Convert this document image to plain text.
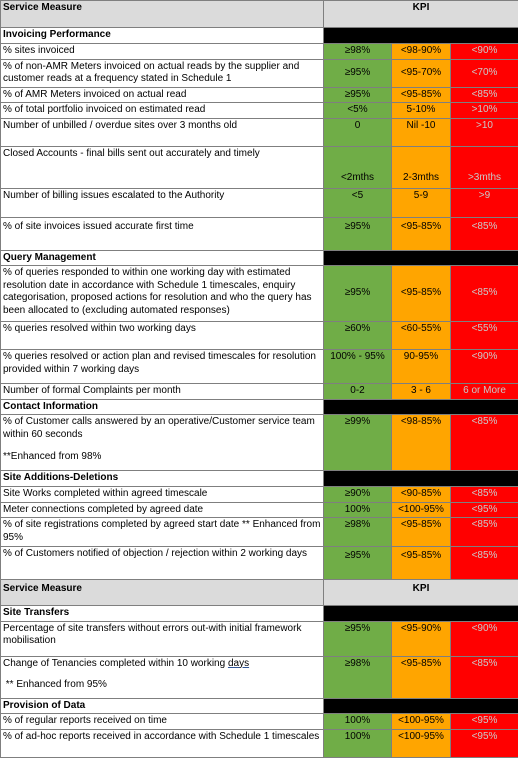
Service Measure	KPI		
Invoicing Performance			
% sites invoiced	≥98%	<98-90%	<90%
% of non-AMR Meters invoiced on actual reads by the supplier and customer reads at a frequency stated in Schedule 1	≥95%	<95-70%	<70%
% of AMR Meters invoiced on actual read	≥95%	<95-85%	<85%
% of total portfolio invoiced on estimated read	<5%	5-10%	>10%
Number of unbilled / overdue sites over 3 months old	0	Nil -10	>10
Closed Accounts - final bills sent out accurately and timely	<2mths	2-3mths	>3mths
Number of billing issues escalated to the Authority	<5	5-9	>9
% of site invoices issued accurate first time	≥95%	<95-85%	<85%
Query Management			
% of queries responded to within one working day with estimated resolution date in accordance with Schedule 1 timescales, enquiry categorisation, proposed actions for resolution and who the query has been allocated to (excluding automated responses)	≥95%	<95-85%	<85%
% queries resolved within two working days	≥60%	<60-55%	<55%
% queries resolved or action plan and revised timescales for resolution provided within 7 working days	100% - 95%	90-95%	<90%
Number of formal Complaints per month	0-2	3 - 6	6 or More
Contact Information			

% of Customer calls answered by an operative/Customer service team within 60 seconds
**Enhanced from 98%	≥99%	<98-85%	<85%
Site Additions-Deletions			
Site Works completed within agreed timescale	≥90%	<90-85%	<85%
Meter connections completed by agreed date	100%	<100-95%	<95%
% of site registrations completed by agreed start date ** Enhanced from 95%	≥98%	<95-85%	<85%
% of Customers notified of objection / rejection within 2 working days	≥95%	<95-85%	<85%
Service Measure	KPI		
Site Transfers			
Percentage of site transfers without errors out-with initial framework mobilisation	≥95%	<95-90%	<90%

Change of Tenancies completed within 10 working days
** Enhanced from 95%	≥98%	<95-85%	<85%
Provision of Data			
% of regular reports received on time	100%	<100-95%	<95%
% of ad-hoc reports received in accordance with Schedule 1 timescales	100%	<100-95%	<95%
